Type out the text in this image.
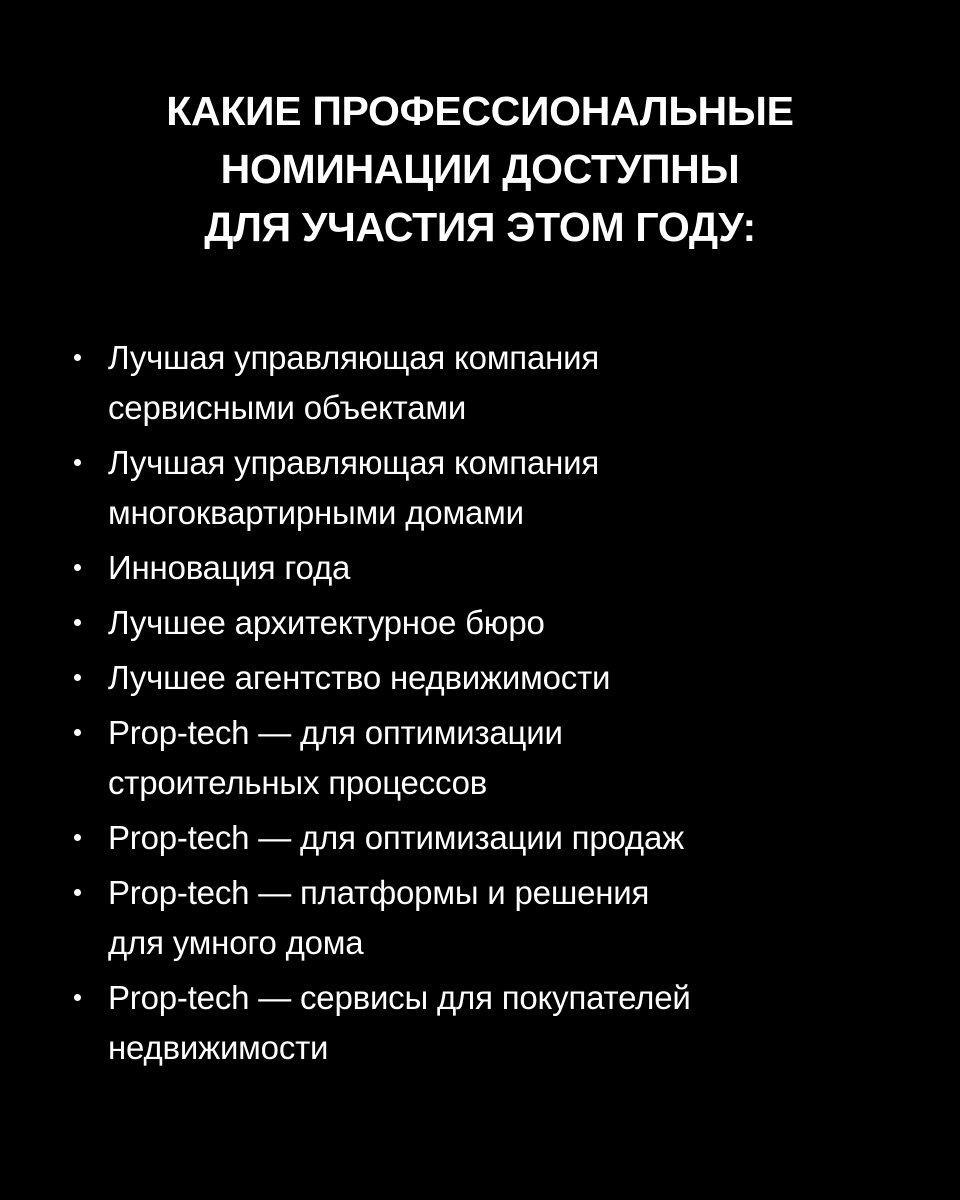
КАКИЕ ПРОФЕССИОНАЛЬНЫЕ
НОМИНАЦИИ ДОСТУПНЫ
ДЛЯ УЧАСТИЯ ЭТОМ ГОДУ:
Лучшая управляющая компания
сервисными объектами
Лучшая управляющая компания
многоквартирными домами
Инновация года
Лучшее архитектурное бюро
Лучшее агентство недвижимости
Prop-tech — для оптимизации
строительных процессов
Prop-tech — для оптимизации продаж
Prop-tech — платформы и решения
для умного дома
Prop-tech — сервисы для покупателей
недвижимости
